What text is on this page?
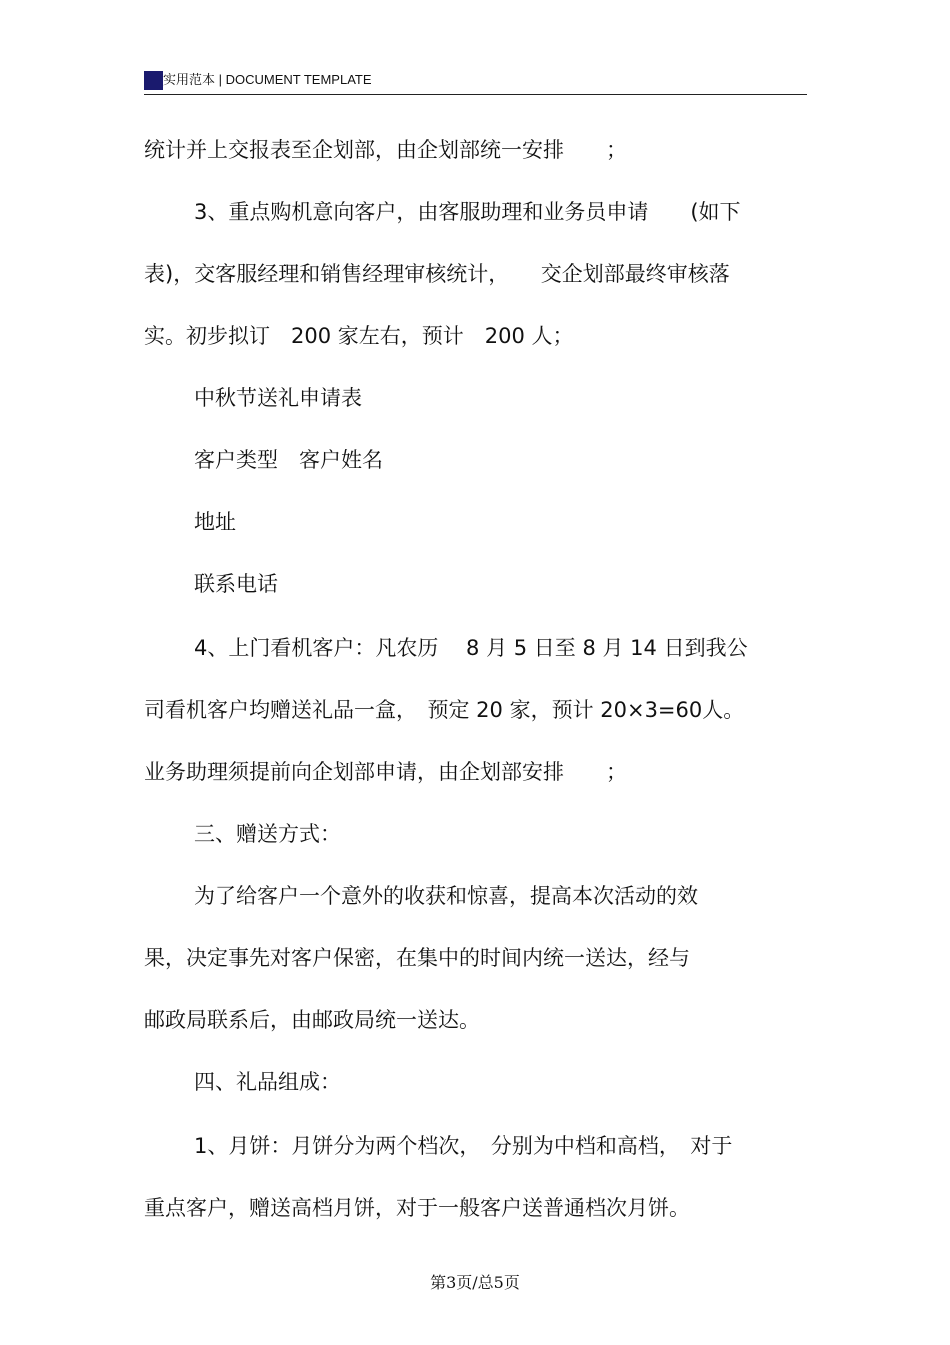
实用范本 | DOCUMENT TEMPLATE
统计并上交报表至企划部，由企划部统一安排　　；
3、重点购机意向客户，由客服助理和业务员申请　　(如下
表)，交客服经理和销售经理审核统计，　　交企划部最终审核落
实。初步拟订　200 家左右，预计　200 人；
中秋节送礼申请表
客户类型　客户姓名
地址
联系电话
4、上门看机客户：凡农历　 8 月 5 日至 8 月 14 日到我公
司看机客户均赠送礼品一盒，　预定 20 家，预计 20×3=60人。
业务助理须提前向企划部申请，由企划部安排　　；
三、赠送方式：
为了给客户一个意外的收获和惊喜，提高本次活动的效
果，决定事先对客户保密，在集中的时间内统一送达，经与
邮政局联系后，由邮政局统一送达。
四、礼品组成：
1、月饼：月饼分为两个档次，　分别为中档和高档，　对于
重点客户，赠送高档月饼，对于一般客户送普通档次月饼。
第3页/总5页
